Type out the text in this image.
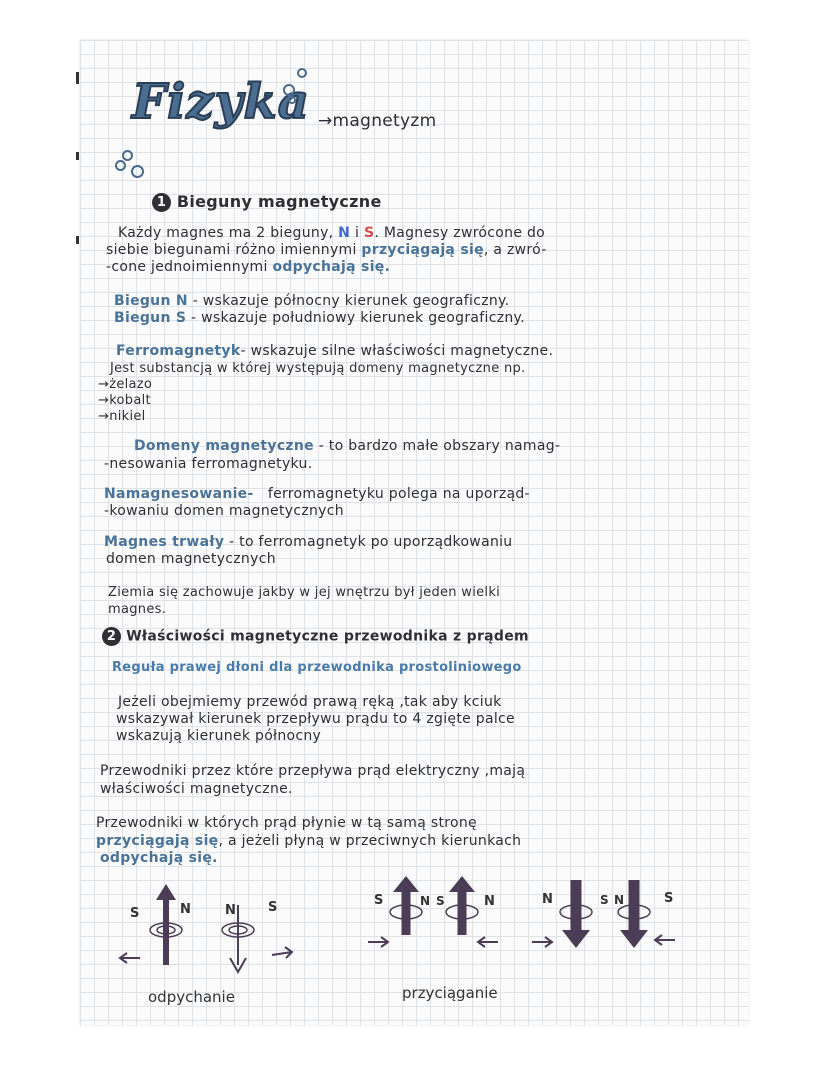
Fizyka →magnetyzm
1 Bieguny magnetyczne
Każdy magnes ma 2 bieguny, N i S. Magnesy zwrócone do
siebie biegunami różno imiennymi przyciągają się, a zwró-
-cone jednoimiennymi odpychają się.
Biegun N - wskazuje północny kierunek geograficzny.
Biegun S - wskazuje południowy kierunek geograficzny.
Ferromagnetyk- wskazuje silne właściwości magnetyczne.
Jest substancją w której występują domeny magnetyczne np.
→żelazo
→kobalt
→nikiel
Domeny magnetyczne - to bardzo małe obszary namag-
-nesowania ferromagnetyku.
Namagnesowanie- ferromagnetyku polega na uporząd-
-kowaniu domen magnetycznych
Magnes trwały - to ferromagnetyk po uporządkowaniu
domen magnetycznych
Ziemia się zachowuje jakby w jej wnętrzu był jeden wielki
magnes.
2 Właściwości magnetyczne przewodnika z prądem
Reguła prawej dłoni dla przewodnika prostoliniowego
Jeżeli obejmiemy przewód prawą ręką ,tak aby kciuk
wskazywał kierunek przepływu prądu to 4 zgięte palce
wskazują kierunek północny
Przewodniki przez które przepływa prąd elektryczny ,mają
właściwości magnetyczne.
Przewodniki w których prąd płynie w tą samą stronę
przyciągają się, a jeżeli płyną w przeciwnych kierunkach
odpychają się.
S	N	N S	S	N S	N	N	S N	S
odpychanie	przyciąganie
